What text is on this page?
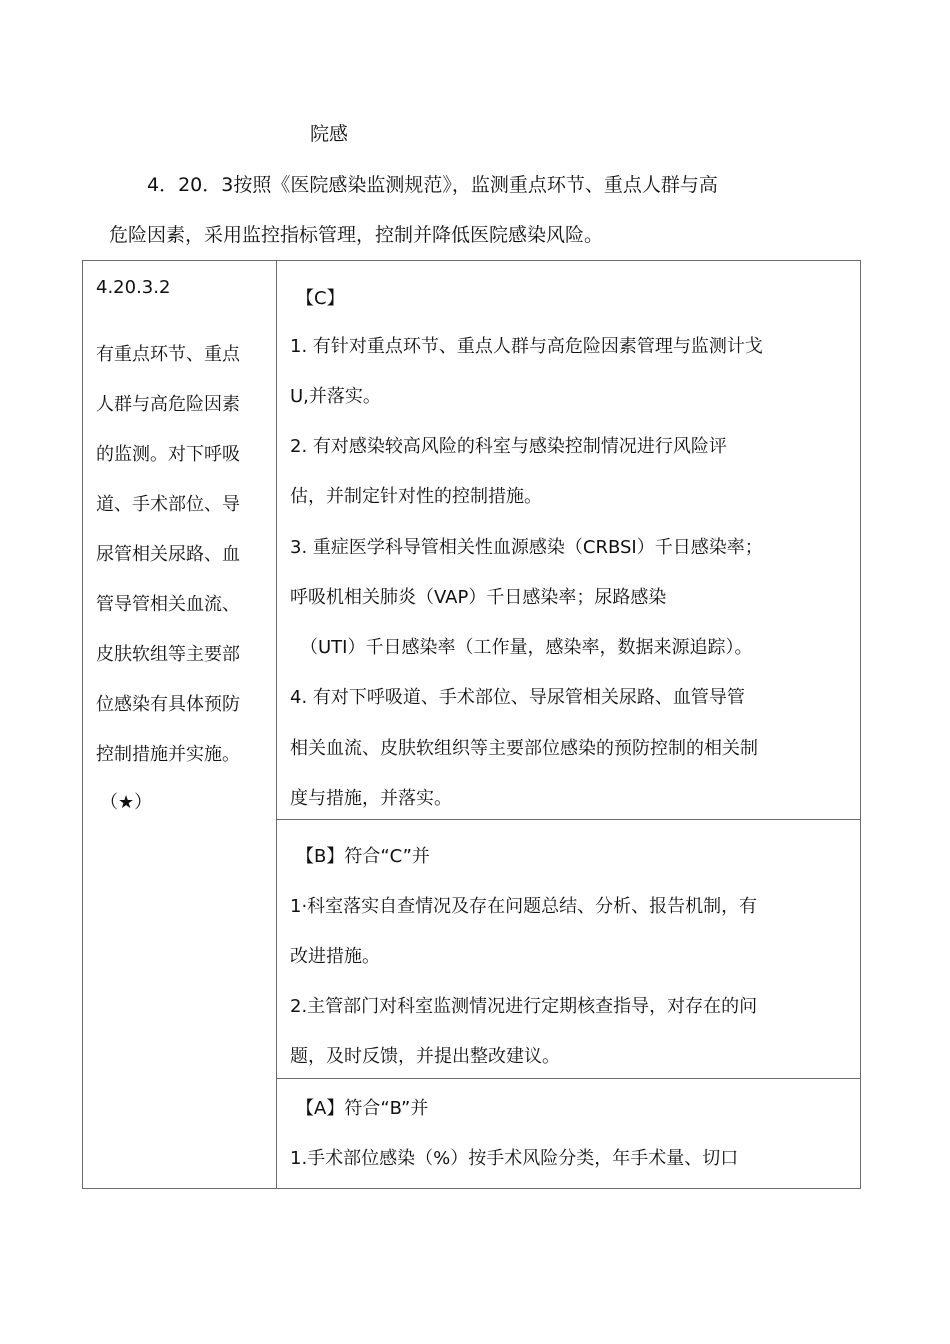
院感
4．20．3按照《医院感染监测规范》，监测重点环节、重点人群与高
危险因素，采用监控指标管理，控制并降低医院感染风险。
4.20.3.2
有重点环节、重点
人群与高危险因素
的监测。对下呼吸
道、手术部位、导
尿管相关尿路、血
管导管相关血流、
皮肤软组等主要部
位感染有具体预防
控制措施并实施。
（★）
【C】
1. 有针对重点环节、重点人群与高危险因素管理与监测计戈
U,并落实。
2. 有对感染较高风险的科室与感染控制情况进行风险评
估，并制定针对性的控制措施。
3. 重症医学科导管相关性血源感染（CRBSI）千日感染率；
呼吸机相关肺炎（VAP）千日感染率；尿路感染
（UTI）千日感染率（工作量，感染率，数据来源追踪）。
4. 有对下呼吸道、手术部位、导尿管相关尿路、血管导管
相关血流、皮肤软组织等主要部位感染的预防控制的相关制
度与措施，并落实。
【B】符合“C”并
1·科室落实自查情况及存在问题总结、分析、报告机制，有
改进措施。
2.主管部门对科室监测情况进行定期核查指导，对存在的问
题，及时反馈，并提出整改建议。
【A】符合“B”并
1.手术部位感染（%）按手术风险分类，年手术量、切口
